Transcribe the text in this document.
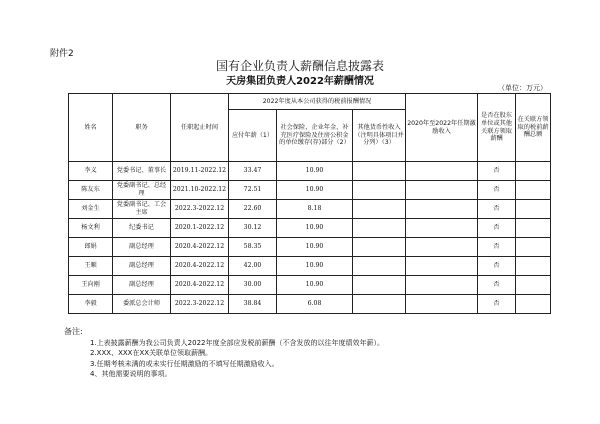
附件2
国有企业负责人薪酬信息披露表
天房集团负责人2022年薪酬情况
（单位：万元）
姓名	职务	任职起止时间	2022年度从本公司获得的税前报酬情况			2020年至2022年任期激励收入	是否在股东单位或其他关联方领取薪酬	在关联方领取的税前薪酬总额
			应付年薪（1）	社会保险、企业年金、补充医疗保险及住房公积金的单位缴存(存)部分（2）	其他货币性收入（注明具体项目并分列）（3）			
李义	党委书记、董事长	2019.11-2022.12	33.47	10.90			否	
陈友东	党委副书记、总经理	2021.10-2022.12	72.51	10.90			否	
刘金生	党委副书记、工会主席	2022.3-2022.12	22.60	8.18			否	
杨文利	纪委书记	2020.1-2022.12	30.12	10.90			否	
郎娟	副总经理	2020.4-2022.12	58.35	10.90			否	
王顺	副总经理	2020.4-2022.12	42.00	10.90			否	
王向刚	副总经理	2020.4-2022.12	30.00	10.90			否	
李毅	委派总会计师	2022.3-2022.12	38.84	6.08			否	
备注:
1.上表披露薪酬为我公司负责人2022年度全部应发税前薪酬（不含发放的以往年度绩效年薪）。
2.XXX、XXX在XX关联单位领取薪酬。
3.任期考核未满的或未实行任期激励的不填写任期激励收入。
4、其他需要说明的事项。
